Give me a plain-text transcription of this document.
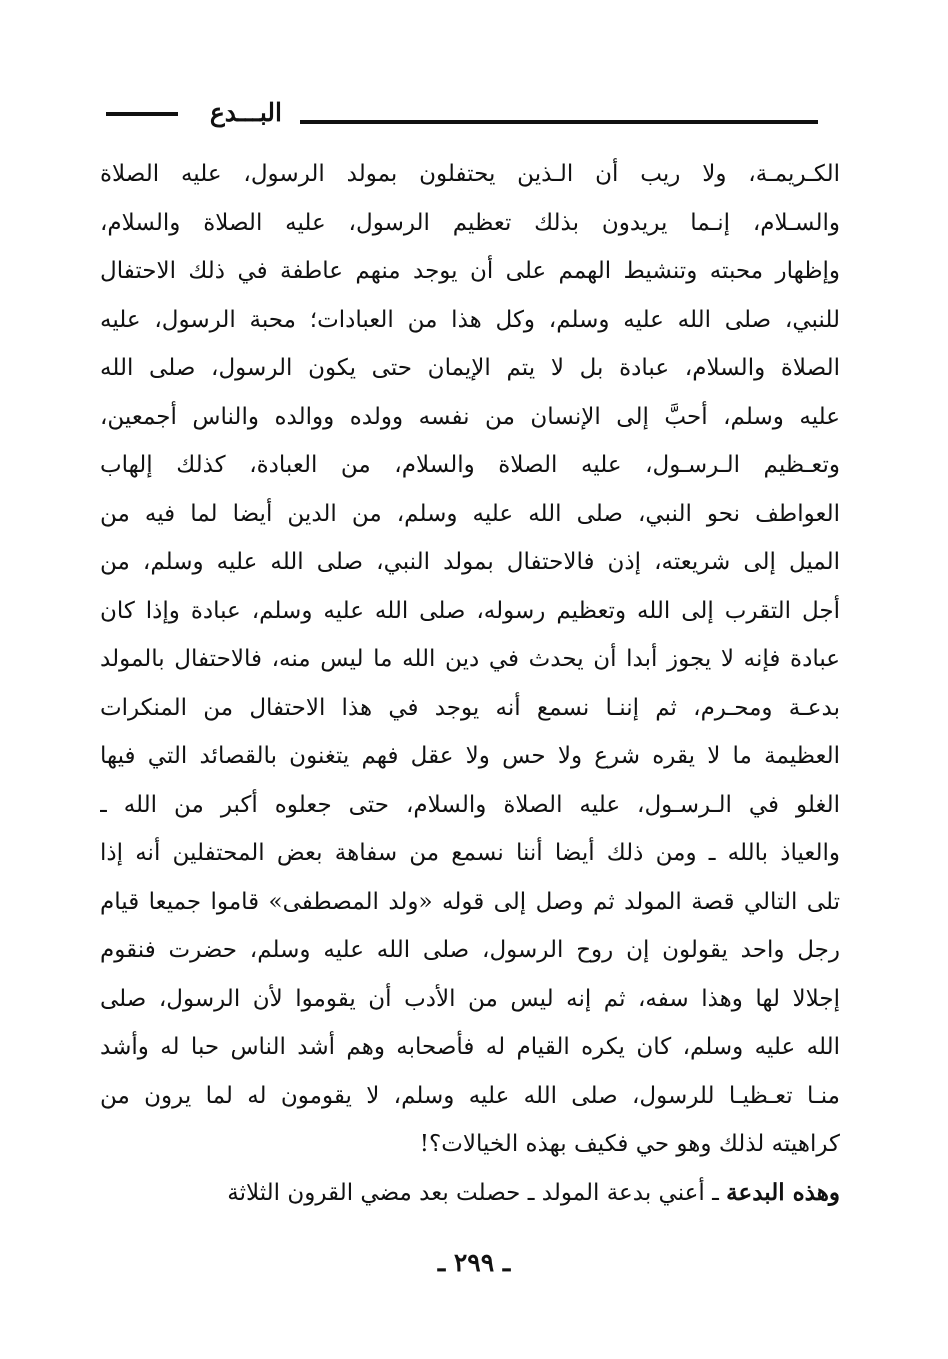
البـــدع
الكـريمـة، ولا ريب أن الـذين يحتفلون بمولد الرسول، عليه الصلاة
والسـلام، إنـما يريدون بذلك تعظيم الرسول، عليه الصلاة والسلام،
وإظهار محبته وتنشيط الهمم على أن يوجد منهم عاطفة في ذلك الاحتفال
للنبي، صلى الله عليه وسلم، وكل هذا من العبادات؛ محبة الرسول، عليه
الصلاة والسلام، عبادة بل لا يتم الإيمان حتى يكون الرسول، صلى الله
عليه وسلم، أحبَّ إلى الإنسان من نفسه وولده ووالده والناس أجمعين،
وتعـظيم الـرسـول، عليه الصلاة والسلام، من العبادة، كذلك إلهاب
العواطف نحو النبي، صلى الله عليه وسلم، من الدين أيضا لما فيه من
الميل إلى شريعته، إذن فالاحتفال بمولد النبي، صلى الله عليه وسلم، من
أجل التقرب إلى الله وتعظيم رسوله، صلى الله عليه وسلم، عبادة وإذا كان
عبادة فإنه لا يجوز أبدا أن يحدث في دين الله ما ليس منه، فالاحتفال بالمولد
بدعـة ومحـرم، ثم إننـا نسمع أنه يوجد في هذا الاحتفال من المنكرات
العظيمة ما لا يقره شرع ولا حس ولا عقل فهم يتغنون بالقصائد التي فيها
الغلو في الـرسـول، عليه الصلاة والسلام، حتى جعلوه أكبر من الله ـ
والعياذ بالله ـ ومن ذلك أيضا أننا نسمع من سفاهة بعض المحتفلين أنه إذا
تلى التالي قصة المولد ثم وصل إلى قوله «ولد المصطفى» قاموا جميعا قيام
رجل واحد يقولون إن روح الرسول، صلى الله عليه وسلم، حضرت فنقوم
إجلالا لها وهذا سفه، ثم إنه ليس من الأدب أن يقوموا لأن الرسول، صلى
الله عليه وسلم، كان يكره القيام له فأصحابه وهم أشد الناس حبا له وأشد
منـا تعـظيـا للرسول، صلى الله عليه وسلم، لا يقومون له لما يرون من
كراهيته لذلك وهو حي فكيف بهذه الخيالات؟!
وهذه البدعة ـ أعني بدعة المولد ـ حصلت بعد مضي القرون الثلاثة
ـ ٢٩٩ ـ
